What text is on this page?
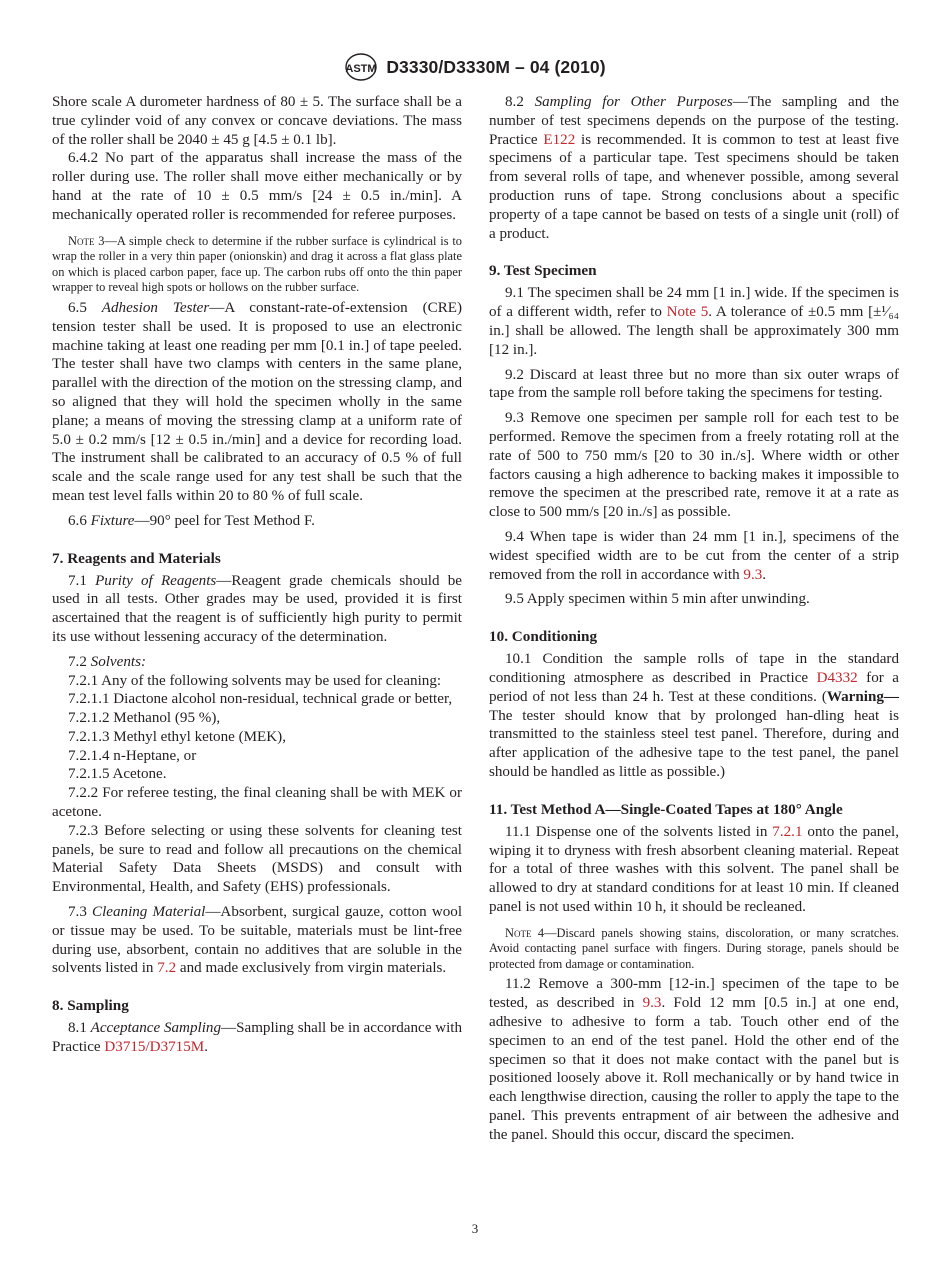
ASTM D3330/D3330M – 04 (2010)

Shore scale A durometer hardness of 80 ± 5. The surface shall be a true cylinder void of any convex or concave deviations. The mass of the roller shall be 2040 ± 45 g [4.5 ± 0.1 lb].

6.4.2 No part of the apparatus shall increase the mass of the roller during use. The roller shall move either mechanically or by hand at the rate of 10 ± 0.5 mm/s [24 ± 0.5 in./min]. A mechanically operated roller is recommended for referee purposes.

Note 3—A simple check to determine if the rubber surface is cylindrical is to wrap the roller in a very thin paper (onionskin) and drag it across a flat glass plate on which is placed carbon paper, face up. The carbon rubs off onto the thin paper wrapper to reveal high spots or hollows on the rubber surface.

6.5 Adhesion Tester—A constant-rate-of-extension (CRE) tension tester shall be used. It is proposed to use an electronic machine taking at least one reading per mm [0.1 in.] of tape peeled. The tester shall have two clamps with centers in the same plane, parallel with the direction of the motion on the stressing clamp, and so aligned that they will hold the specimen wholly in the same plane; a means of moving the stressing clamp at a uniform rate of 5.0 ± 0.2 mm/s [12 ± 0.5 in./min] and a device for recording load. The instrument shall be calibrated to an accuracy of 0.5 % of full scale and the scale range used for any test shall be such that the mean test level falls within 20 to 80 % of full scale.

6.6 Fixture—90° peel for Test Method F.

7. Reagents and Materials

7.1 Purity of Reagents—Reagent grade chemicals should be used in all tests. Other grades may be used, provided it is first ascertained that the reagent is of sufficiently high purity to permit its use without lessening accuracy of the determination.

7.2 Solvents:

7.2.1 Any of the following solvents may be used for cleaning:

7.2.1.1 Diactone alcohol non-residual, technical grade or better,

7.2.1.2 Methanol (95 %),

7.2.1.3 Methyl ethyl ketone (MEK),

7.2.1.4 n-Heptane, or

7.2.1.5 Acetone.

7.2.2 For referee testing, the final cleaning shall be with MEK or acetone.

7.2.3 Before selecting or using these solvents for cleaning test panels, be sure to read and follow all precautions on the chemical Material Safety Data Sheets (MSDS) and consult with Environmental, Health, and Safety (EHS) professionals.

7.3 Cleaning Material—Absorbent, surgical gauze, cotton wool or tissue may be used. To be suitable, materials must be lint-free during use, absorbent, contain no additives that are soluble in the solvents listed in 7.2 and made exclusively from virgin materials.

8. Sampling

8.1 Acceptance Sampling—Sampling shall be in accordance with Practice D3715/D3715M.

8.2 Sampling for Other Purposes—The sampling and the number of test specimens depends on the purpose of the testing. Practice E122 is recommended. It is common to test at least five specimens of a particular tape. Test specimens should be taken from several rolls of tape, and whenever possible, among several production runs of tape. Strong conclusions about a specific property of a tape cannot be based on tests of a single unit (roll) of a product.

9. Test Specimen

9.1 The specimen shall be 24 mm [1 in.] wide. If the specimen is of a different width, refer to Note 5. A tolerance of ±0.5 mm [±¹⁄₆₄ in.] shall be allowed. The length shall be approximately 300 mm [12 in.].

9.2 Discard at least three but no more than six outer wraps of tape from the sample roll before taking the specimens for testing.

9.3 Remove one specimen per sample roll for each test to be performed. Remove the specimen from a freely rotating roll at the rate of 500 to 750 mm/s [20 to 30 in./s]. Where width or other factors causing a high adherence to backing makes it impossible to remove the specimen at the prescribed rate, remove it at a rate as close to 500 mm/s [20 in./s] as possible.

9.4 When tape is wider than 24 mm [1 in.], specimens of the widest specified width are to be cut from the center of a strip removed from the roll in accordance with 9.3.

9.5 Apply specimen within 5 min after unwinding.

10. Conditioning

10.1 Condition the sample rolls of tape in the standard conditioning atmosphere as described in Practice D4332 for a period of not less than 24 h. Test at these conditions. (Warning—The tester should know that by prolonged han-dling heat is transmitted to the stainless steel test panel. Therefore, during and after application of the adhesive tape to the test panel, the panel should be handled as little as possible.)

11. Test Method A—Single-Coated Tapes at 180° Angle

11.1 Dispense one of the solvents listed in 7.2.1 onto the panel, wiping it to dryness with fresh absorbent cleaning material. Repeat for a total of three washes with this solvent. The panel shall be allowed to dry at standard conditions for at least 10 min. If cleaned panel is not used within 10 h, it should be recleaned.

Note 4—Discard panels showing stains, discoloration, or many scratches. Avoid contacting panel surface with fingers. During storage, panels should be protected from damage or contamination.

11.2 Remove a 300-mm [12-in.] specimen of the tape to be tested, as described in 9.3. Fold 12 mm [0.5 in.] at one end, adhesive to adhesive to form a tab. Touch other end of the specimen to an end of the test panel. Hold the other end of the specimen so that it does not make contact with the panel but is positioned loosely above it. Roll mechanically or by hand twice in each lengthwise direction, causing the roller to apply the tape to the panel. This prevents entrapment of air between the adhesive and the panel. Should this occur, discard the specimen.

3
